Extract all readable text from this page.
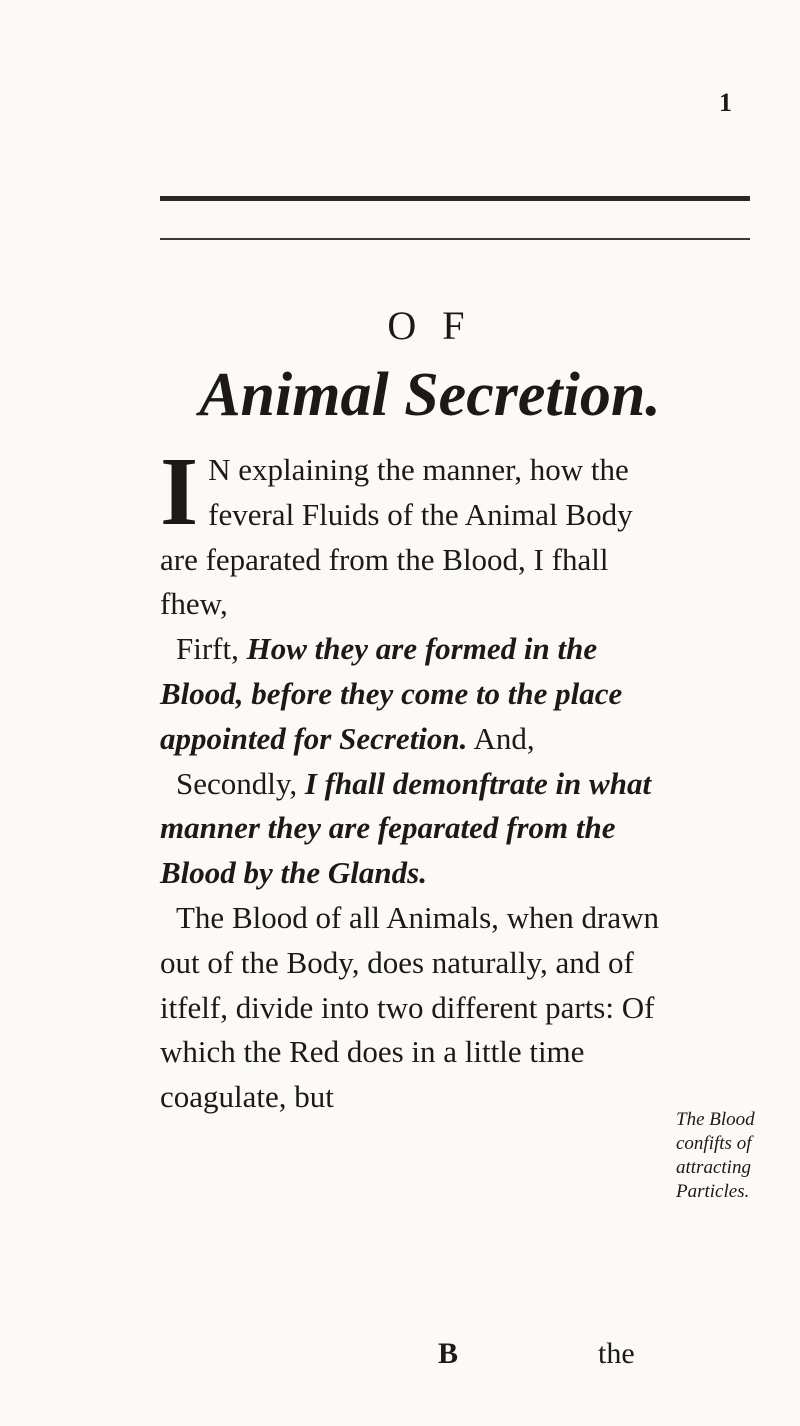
1
O F
Animal Secretion.

I N explaining the manner, how the feveral Fluids of the Animal Body are feparated from the Blood, I fhall fhew,

Firft, How they are formed in the Blood, before they come to the place appointed for Secretion. And,

Secondly, I fhall demonftrate in what manner they are feparated from the Blood by the Glands.

The Blood of all Animals, when drawn out of the Body, does naturally, and of itfelf, divide into two different parts: Of which the Red does in a little time coagulate, but

The Blood confifts of attracting Particles.
B	the
